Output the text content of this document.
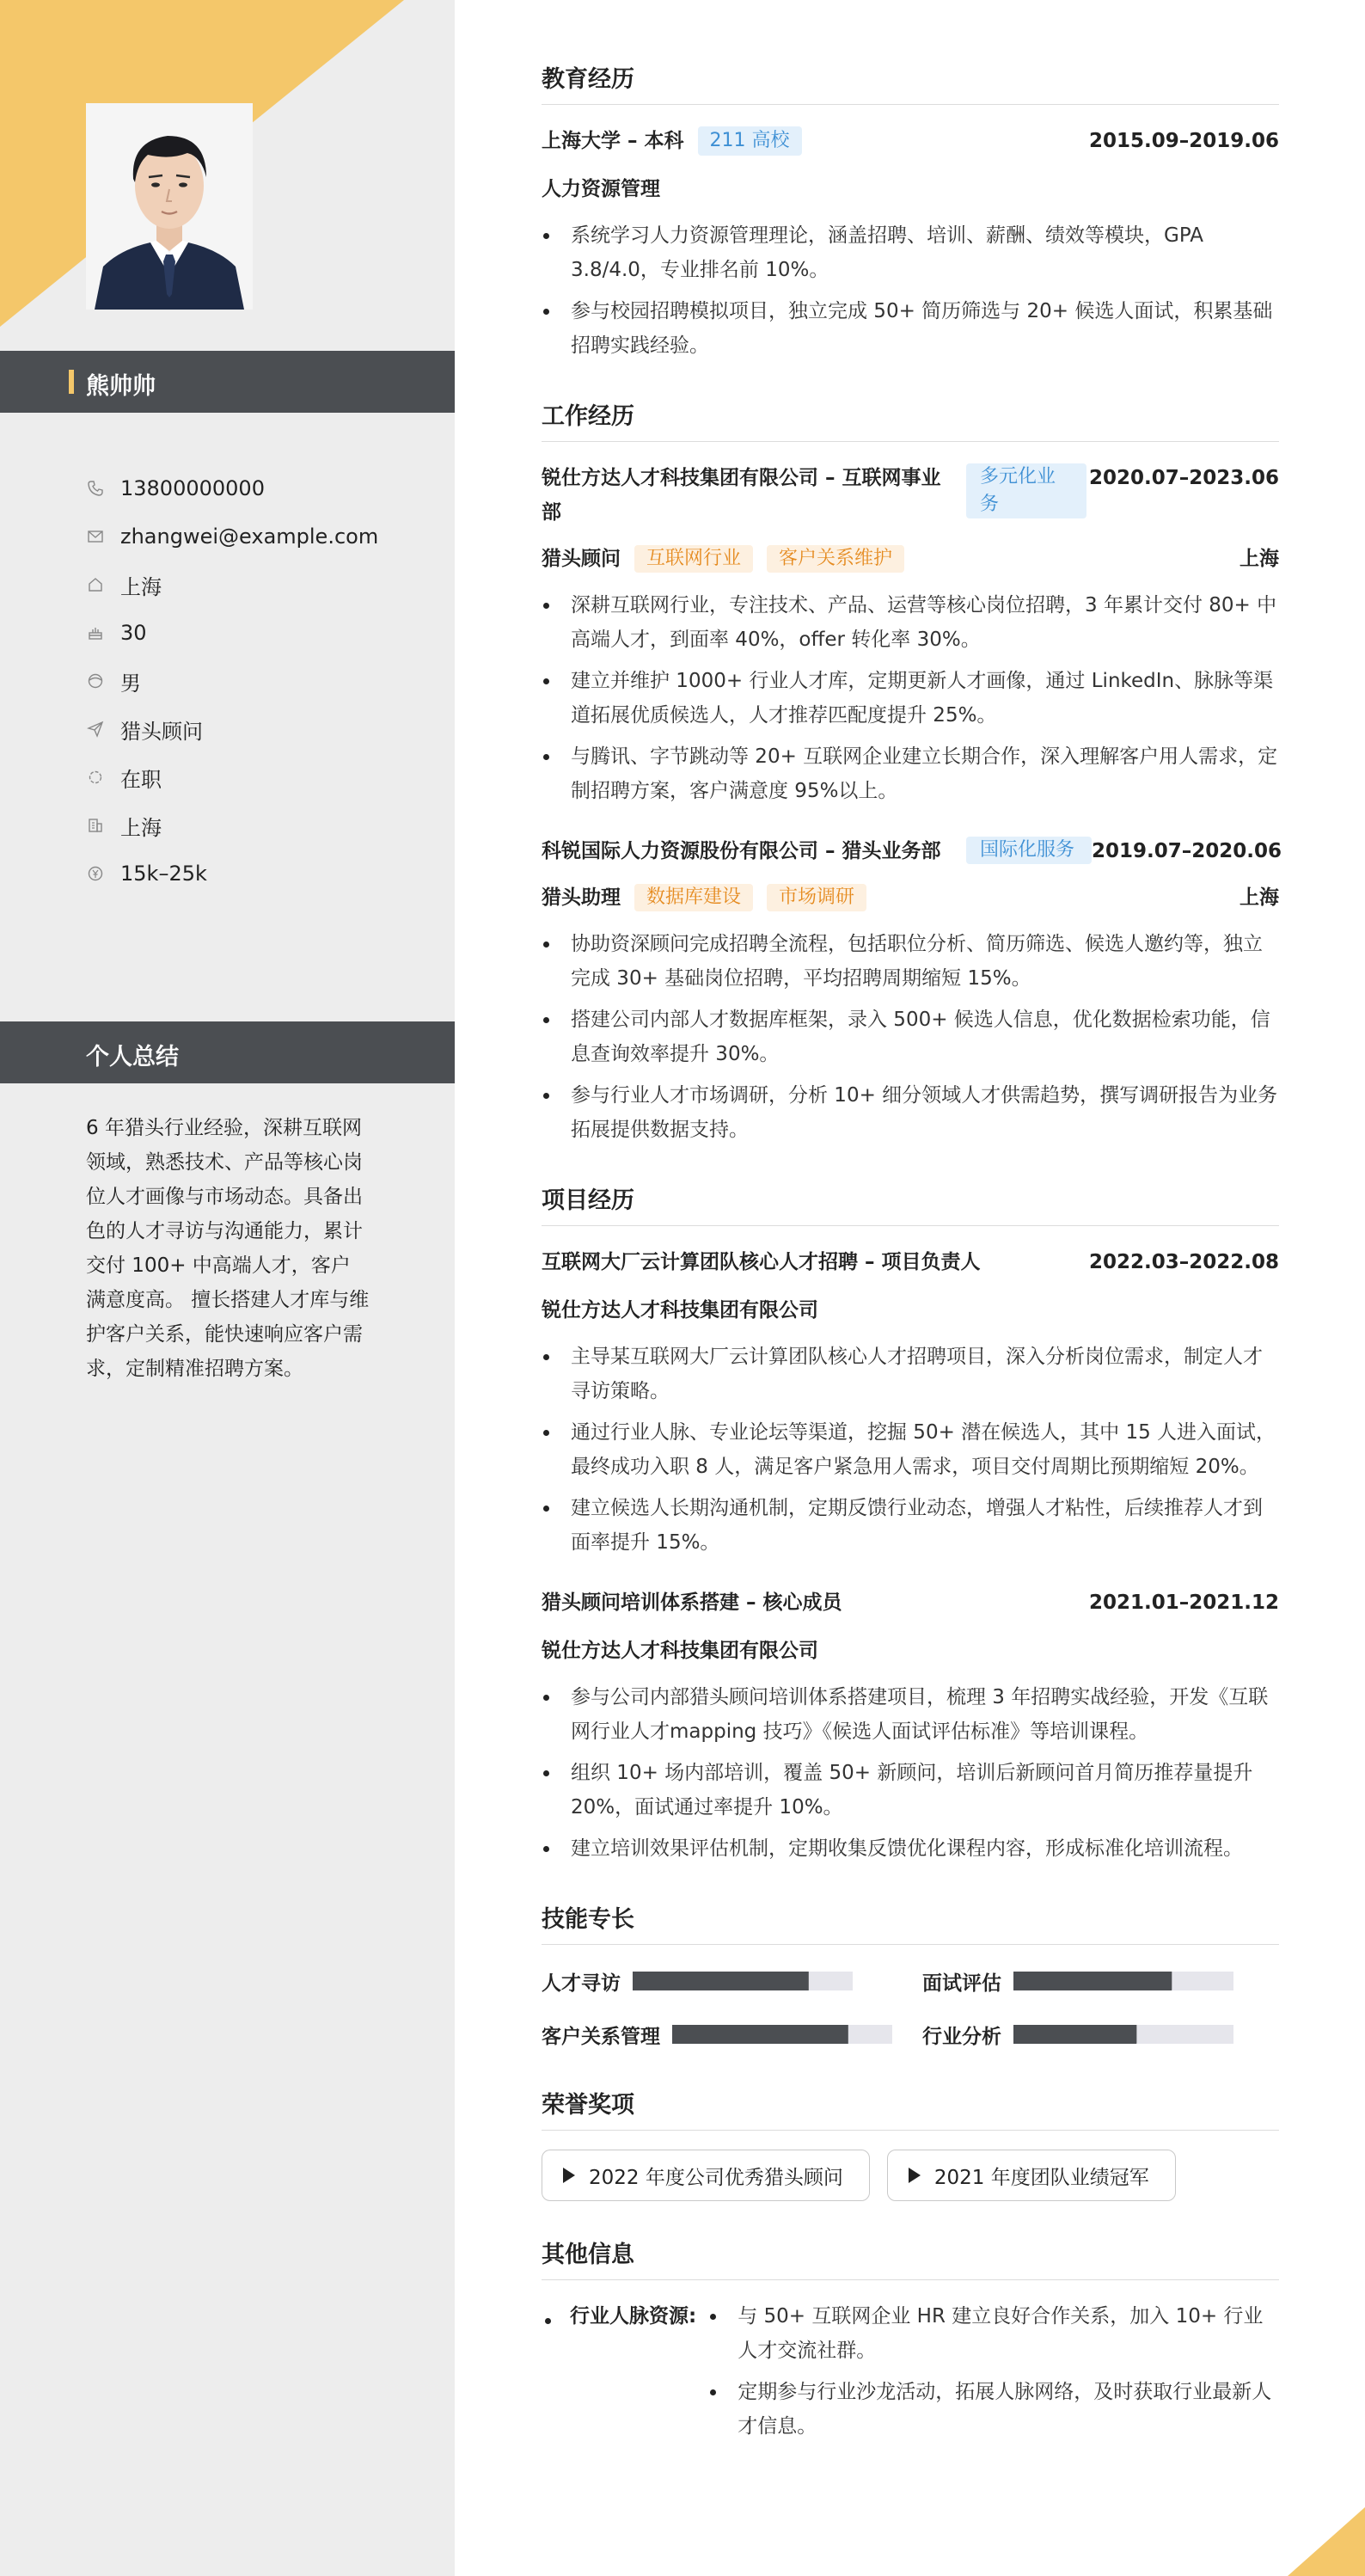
熊帅帅
13800000000
zhangwei@example.com
上海
30
男
猎头顾问
在职
上海
15k–25k
个人总结
6 年猎头行业经验，深耕互联网领域，熟悉技术、产品等核心岗位人才画像与市场动态。具备出色的人才寻访与沟通能力，累计交付 100+ 中高端人才，客户满意度高。 擅长搭建人才库与维护客户关系，能快速响应客户需求，定制精准招聘方案。
教育经历
上海大学 – 本科	211 高校	2015.09–2019.06
人力资源管理
系统学习人力资源管理理论，涵盖招聘、培训、薪酬、绩效等模块，GPA 3.8/4.0，专业排名前 10%。
参与校园招聘模拟项目，独立完成 50+ 简历筛选与 20+ 候选人面试，积累基础招聘实践经验。
工作经历
锐仕方达人才科技集团有限公司 – 互联网事业部
多元化业务
2020.07–2023.06
猎头顾问	互联网行业	客户关系维护	上海
深耕互联网行业，专注技术、产品、运营等核心岗位招聘，3 年累计交付 80+ 中高端人才，到面率 40%，offer 转化率 30%。
建立并维护 1000+ 行业人才库，定期更新人才画像，通过 LinkedIn、脉脉等渠道拓展优质候选人，人才推荐匹配度提升 25%。
与腾讯、字节跳动等 20+ 互联网企业建立长期合作，深入理解客户用人需求，定制招聘方案，客户满意度 95%以上。
科锐国际人力资源股份有限公司 – 猎头业务部	国际化服务 2019.07–2020.06
猎头助理	数据库建设	市场调研	上海
协助资深顾问完成招聘全流程，包括职位分析、简历筛选、候选人邀约等，独立完成 30+ 基础岗位招聘，平均招聘周期缩短 15%。
搭建公司内部人才数据库框架，录入 500+ 候选人信息，优化数据检索功能，信息查询效率提升 30%。
参与行业人才市场调研，分析 10+ 细分领域人才供需趋势，撰写调研报告为业务拓展提供数据支持。
项目经历
互联网大厂云计算团队核心人才招聘 – 项目负责人	2022.03–2022.08
锐仕方达人才科技集团有限公司
主导某互联网大厂云计算团队核心人才招聘项目，深入分析岗位需求，制定人才寻访策略。
通过行业人脉、专业论坛等渠道，挖掘 50+ 潜在候选人，其中 15 人进入面试，最终成功入职 8 人，满足客户紧急用人需求，项目交付周期比预期缩短 20%。
建立候选人长期沟通机制，定期反馈行业动态，增强人才粘性，后续推荐人才到面率提升 15%。
猎头顾问培训体系搭建 – 核心成员	2021.01–2021.12
锐仕方达人才科技集团有限公司
参与公司内部猎头顾问培训体系搭建项目，梳理 3 年招聘实战经验，开发《互联网行业人才mapping 技巧》《候选人面试评估标准》等培训课程。
组织 10+ 场内部培训，覆盖 50+ 新顾问，培训后新顾问首月简历推荐量提升 20%，面试通过率提升 10%。
建立培训效果评估机制，定期收集反馈优化课程内容，形成标准化培训流程。
技能专长
人才寻访	面试评估
客户关系管理	行业分析
荣誉奖项
2022 年度公司优秀猎头顾问	2021 年度团队业绩冠军
其他信息
行业人脉资源:	与 50+ 互联网企业 HR 建立良好合作关系，加入 10+ 行业人才交流社群。
定期参与行业沙龙活动，拓展人脉网络，及时获取行业最新人才信息。
